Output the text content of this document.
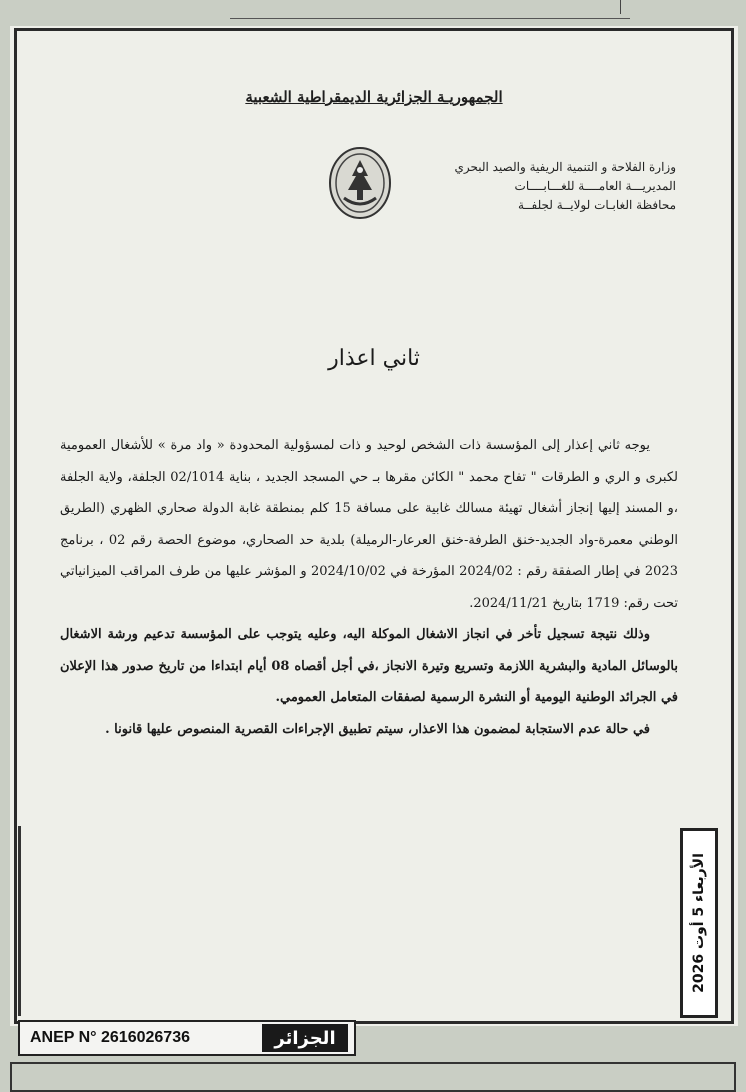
الجمهوريـة الجزائرية الديمقراطية الشعبية
وزارة الفلاحة و التنمية الريفية والصيد البحري
المديريـــة العامــــة للغـــابــــات
محافظة الغابـات لولايــة لجلفــة
ثاني اعذار

يوجه ثاني إعذار إلى المؤسسة ذات الشخص لوحيد و ذات لمسؤولية المحدودة « واد مرة » للأشغال العمومية لكبرى و الري و الطرقات " تفاح محمد " الكائن مقرها بـ حي المسجد الجديد ، بناية 02/1014 الجلفة، ولاية الجلفة ،و المسند إليها إنجاز أشغال تهيئة مسالك غابية على مسافة 15 كلم بمنطقة غابة الدولة صحاري الظهري (الطريق الوطني معمرة-واد الجديد-خنق الطرفة-خنق العرعار-الرميلة) بلدية حد الصحاري، موضوع الحصة رقم 02 ، برنامج 2023 في إطار الصفقة رقم : 2024/02 المؤرخة في 2024/10/02 و المؤشر عليها من طرف المراقب الميزانياتي تحت رقم: 1719 بتاريخ 2024/11/21.

وذلك نتيجة تسجيل تأخر في انجاز الاشغال الموكلة اليه، وعليه يتوجب على المؤسسة تدعيم ورشة الاشغال بالوسائل المادية والبشرية اللازمة وتسريع وتيرة الانجاز ،في أجل أقصاه 08 أيام ابتداءا من تاريخ صدور هذا الإعلان في الجرائد الوطنية اليومية أو النشرة الرسمية لصفقات المتعامل العمومي.

في حالة عدم الاستجابة لمضمون هذا الاعذار، سيتم تطبيق الإجراءات القصرية المنصوص عليها قانونا .

الأربعاء 5 أوت 2026
ANEP N° 2616026736	الجزائر
